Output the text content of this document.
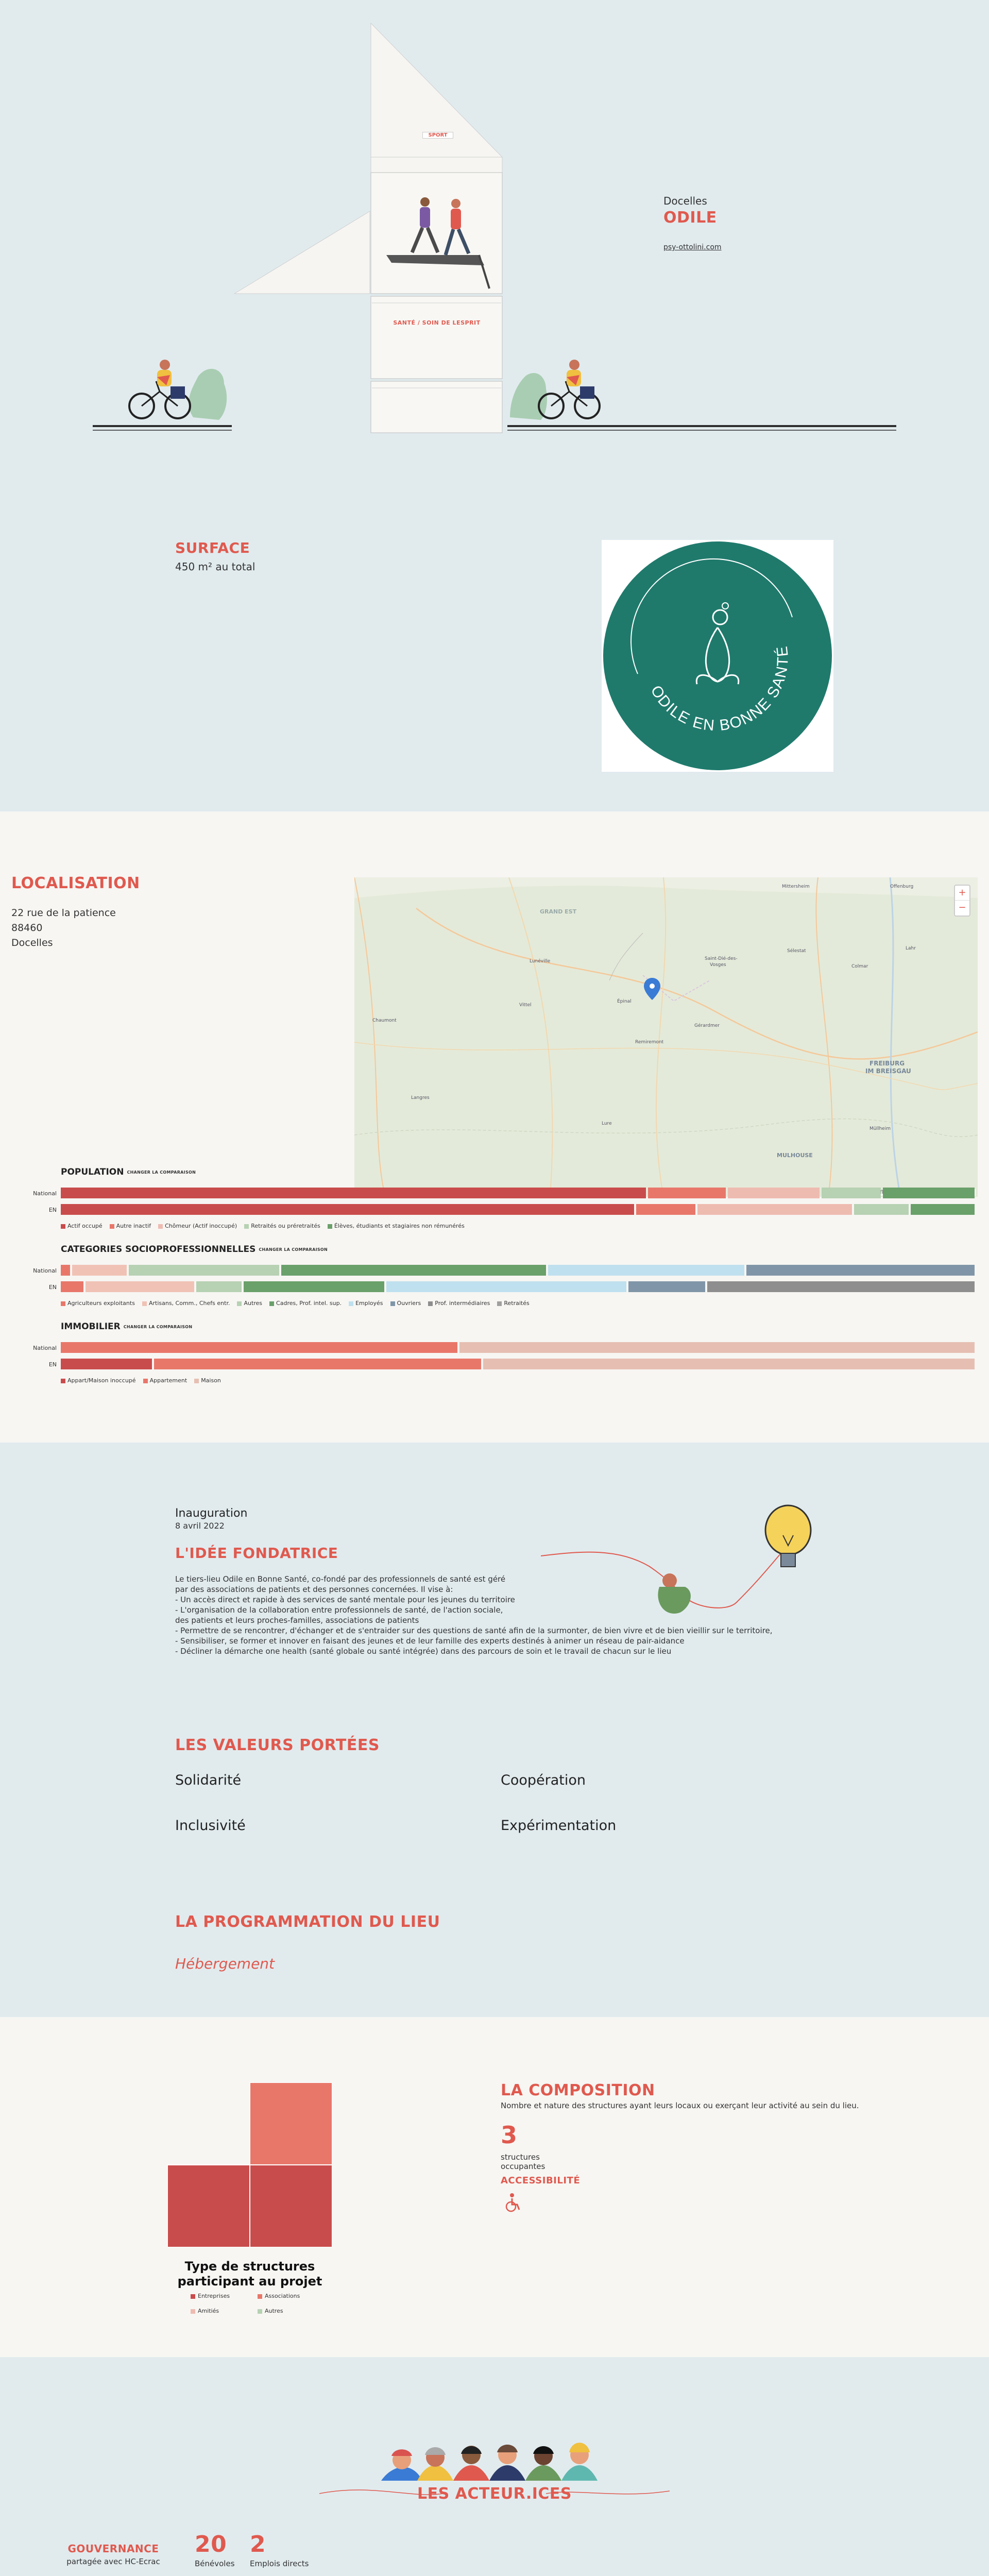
SPORT
SANTÉ / SOIN DE LESPRIT
Docelles
ODILE
psy-ottolini.com
SURFACE
450 m² au total
ODILE EN BONNE SANTÉ
LOCALISATION
22 rue de la patience
88460
Docelles
GRAND EST
FREIBURG
IM BREISGAU
MULHOUSE
Épinal
Saint-Dié-des-
Vosges	Colmar
Remiremont
Gérardmer
Sélestat
Mittersheim
Lunéville
Vittel
Offenburg
Lahr
Chaumont
Langres
Lure
Müllheim
+
−
POPULATION CHANGER LA COMPARAISON
National
EN
Actif occupé	Autre inactif	Chômeur (Actif inoccupé)	Retraités ou préretraités	Élèves, étudiants et stagiaires non rémunérés
CATEGORIES SOCIOPROFESSIONNELLES CHANGER LA COMPARAISON
National
EN
Agriculteurs exploitants	Artisans, Comm., Chefs entr.	Autres	Cadres, Prof. intel. sup.	Employés	Ouvriers	Prof. intermédiaires	Retraités
IMMOBILIER CHANGER LA COMPARAISON
National
EN
Appart/Maison inoccupé	Appartement	Maison
Inauguration
8 avril 2022
L'IDÉE FONDATRICE
Le tiers-lieu Odile en Bonne Santé, co-fondé par des professionnels de santé est géré
par des associations de patients et des personnes concernées. Il vise à:
- Un accès direct et rapide à des services de santé mentale pour les jeunes du territoire
- L'organisation de la collaboration entre professionnels de santé, de l'action sociale,
des patients et leurs proches-familles, associations de patients
- Permettre de se rencontrer, d'échanger et de s'entraider sur des questions de santé afin de la surmonter, de bien vivre et de bien vieillir sur le territoire,
- Sensibiliser, se former et innover en faisant des jeunes et de leur famille des experts destinés à animer un réseau de pair-aidance
- Décliner la démarche one health (santé globale ou santé intégrée) dans des parcours de soin et le travail de chacun sur le lieu
LES VALEURS PORTÉES
Solidarité	Coopération
Inclusivité	Expérimentation
LA PROGRAMMATION DU LIEU
Hébergement
Type de structures
participant au projet
Entreprises	Associations
Amitiés	Autres
LA COMPOSITION
Nombre et nature des structures ayant leurs locaux ou exerçant leur activité au sein du lieu.
3
structures
occupantes
ACCESSIBILITÉ
LES ACTEUR.ICES
GOUVERNANCE
partagée avec HC-Ecrac
20
Bénévoles
2
Emplois directs
